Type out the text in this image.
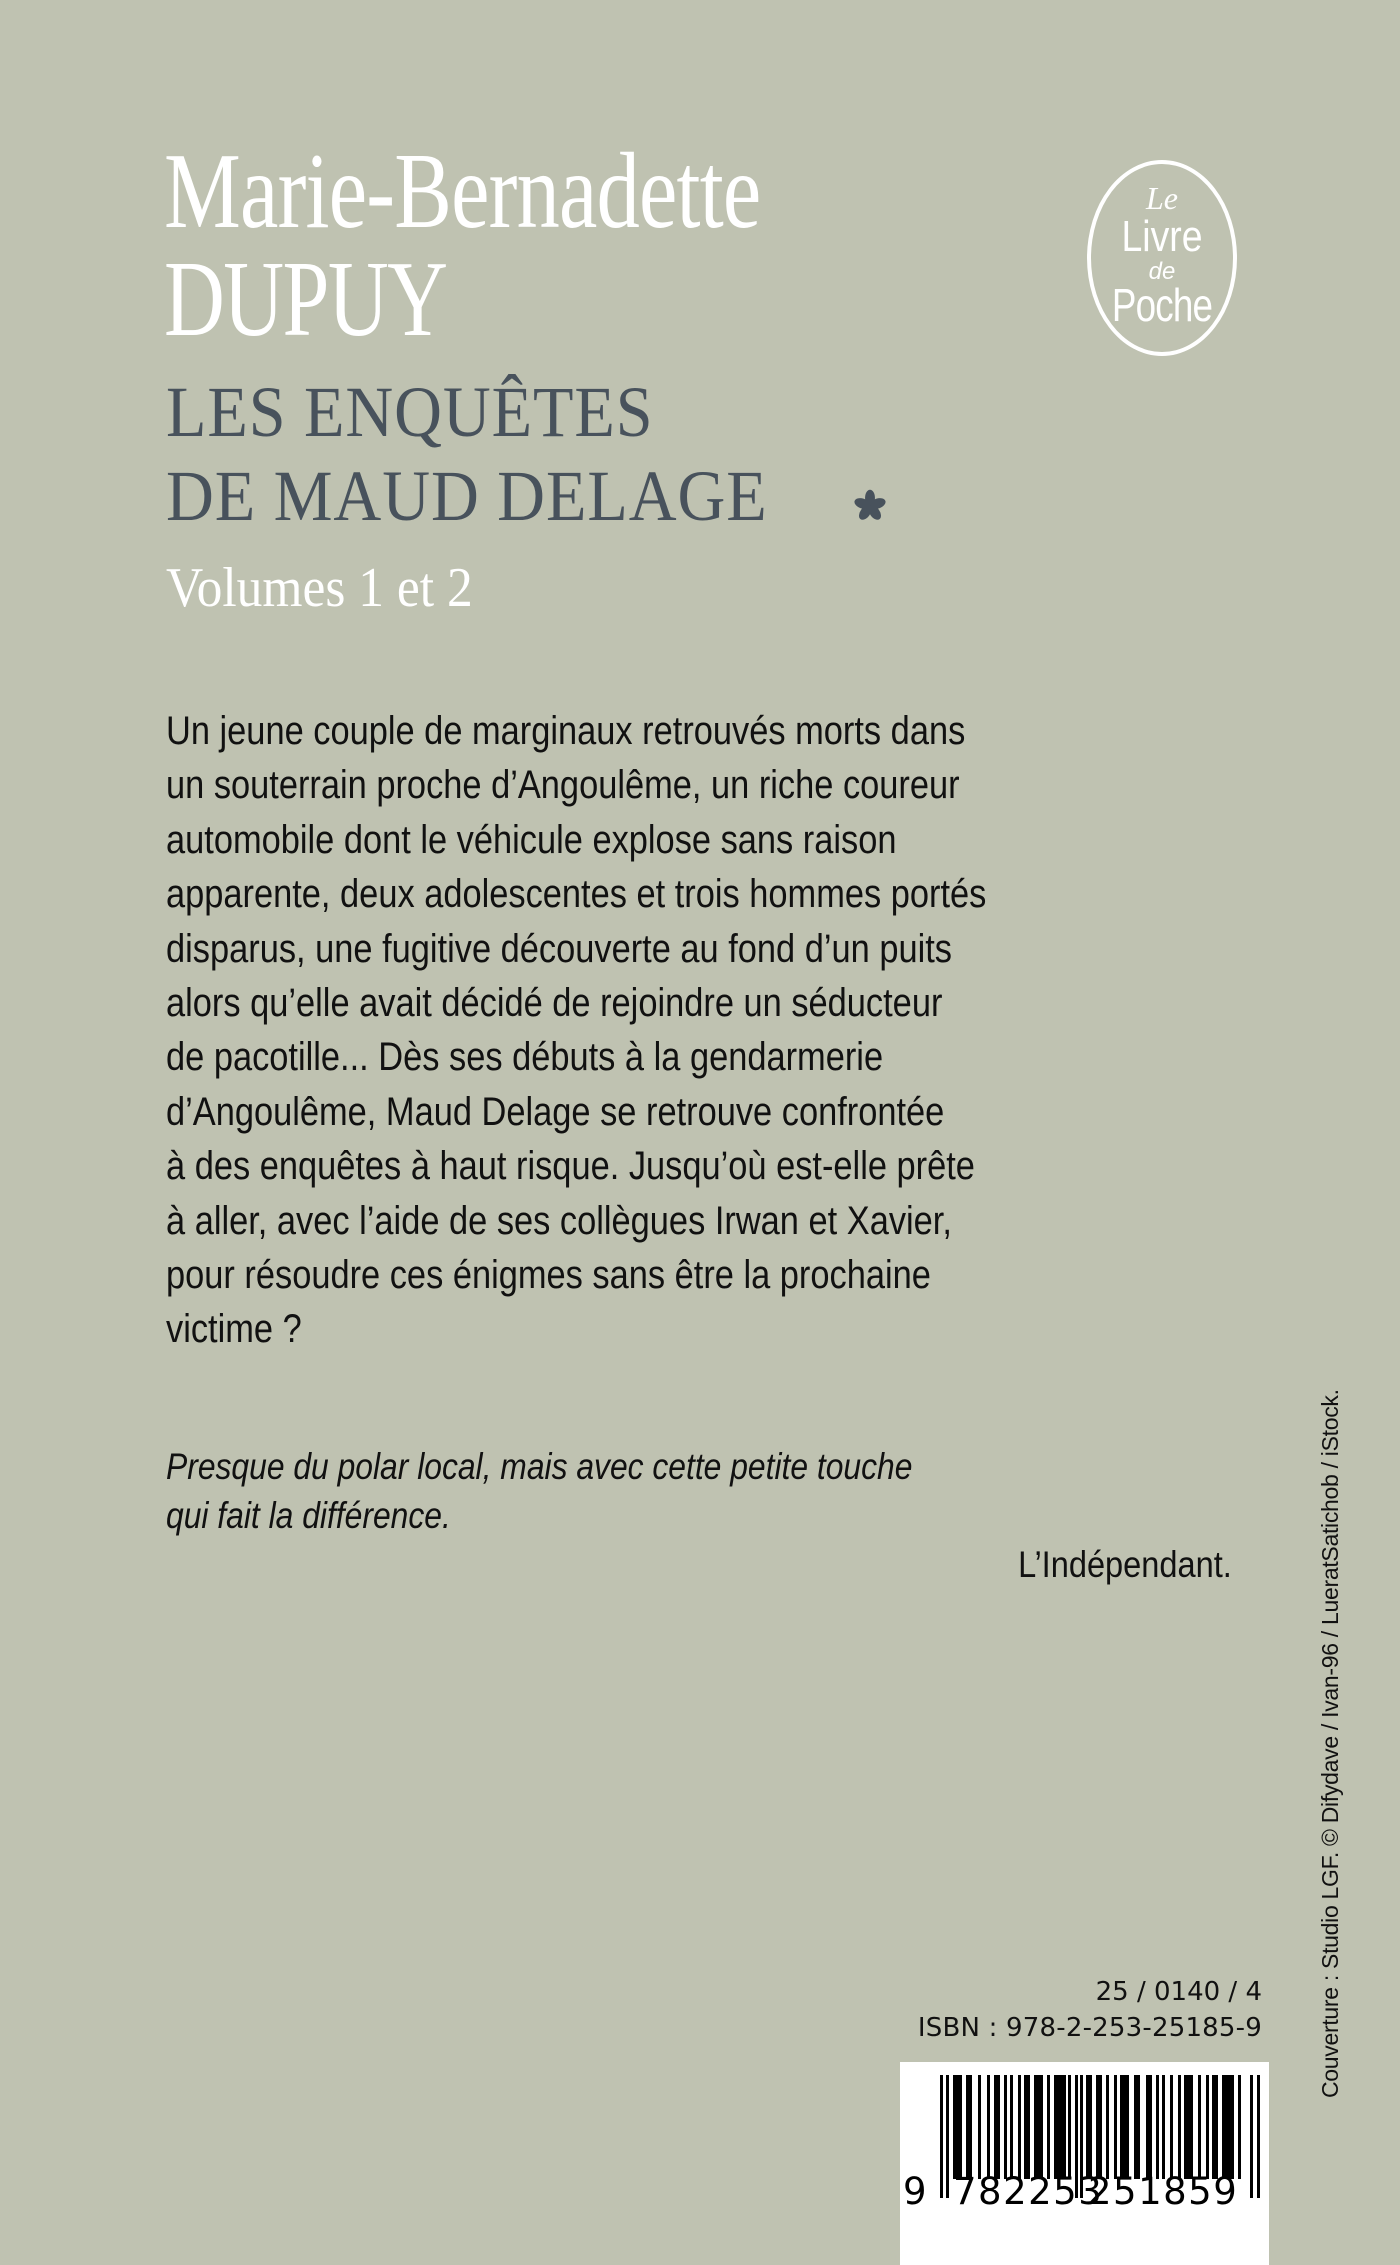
Marie-Bernadette
DUPUY
LES ENQUÊTES
DE MAUD DELAGE
Volumes 1 et 2
Le
Livre
de
Poche
Un jeune couple de marginaux retrouvés morts dans
un souterrain proche d’Angoulême, un riche coureur
automobile dont le véhicule explose sans raison
apparente, deux adolescentes et trois hommes portés
disparus, une fugitive découverte au fond d’un puits
alors qu’elle avait décidé de rejoindre un séducteur
de pacotille... Dès ses débuts à la gendarmerie
d’Angoulême, Maud Delage se retrouve confrontée
à des enquêtes à haut risque. Jusqu’où est-elle prête
à aller, avec l’aide de ses collègues Irwan et Xavier,
pour résoudre ces énigmes sans être la prochaine
victime ?
Presque du polar local, mais avec cette petite touche
qui fait la différence.
L’Indépendant.	Couverture : Studio LGF. © Difydave / Ivan-96 / LueratSatichob / iStock.
25 / 0140 / 4
ISBN : 978-2-253-25185-9
9 782253
251859
